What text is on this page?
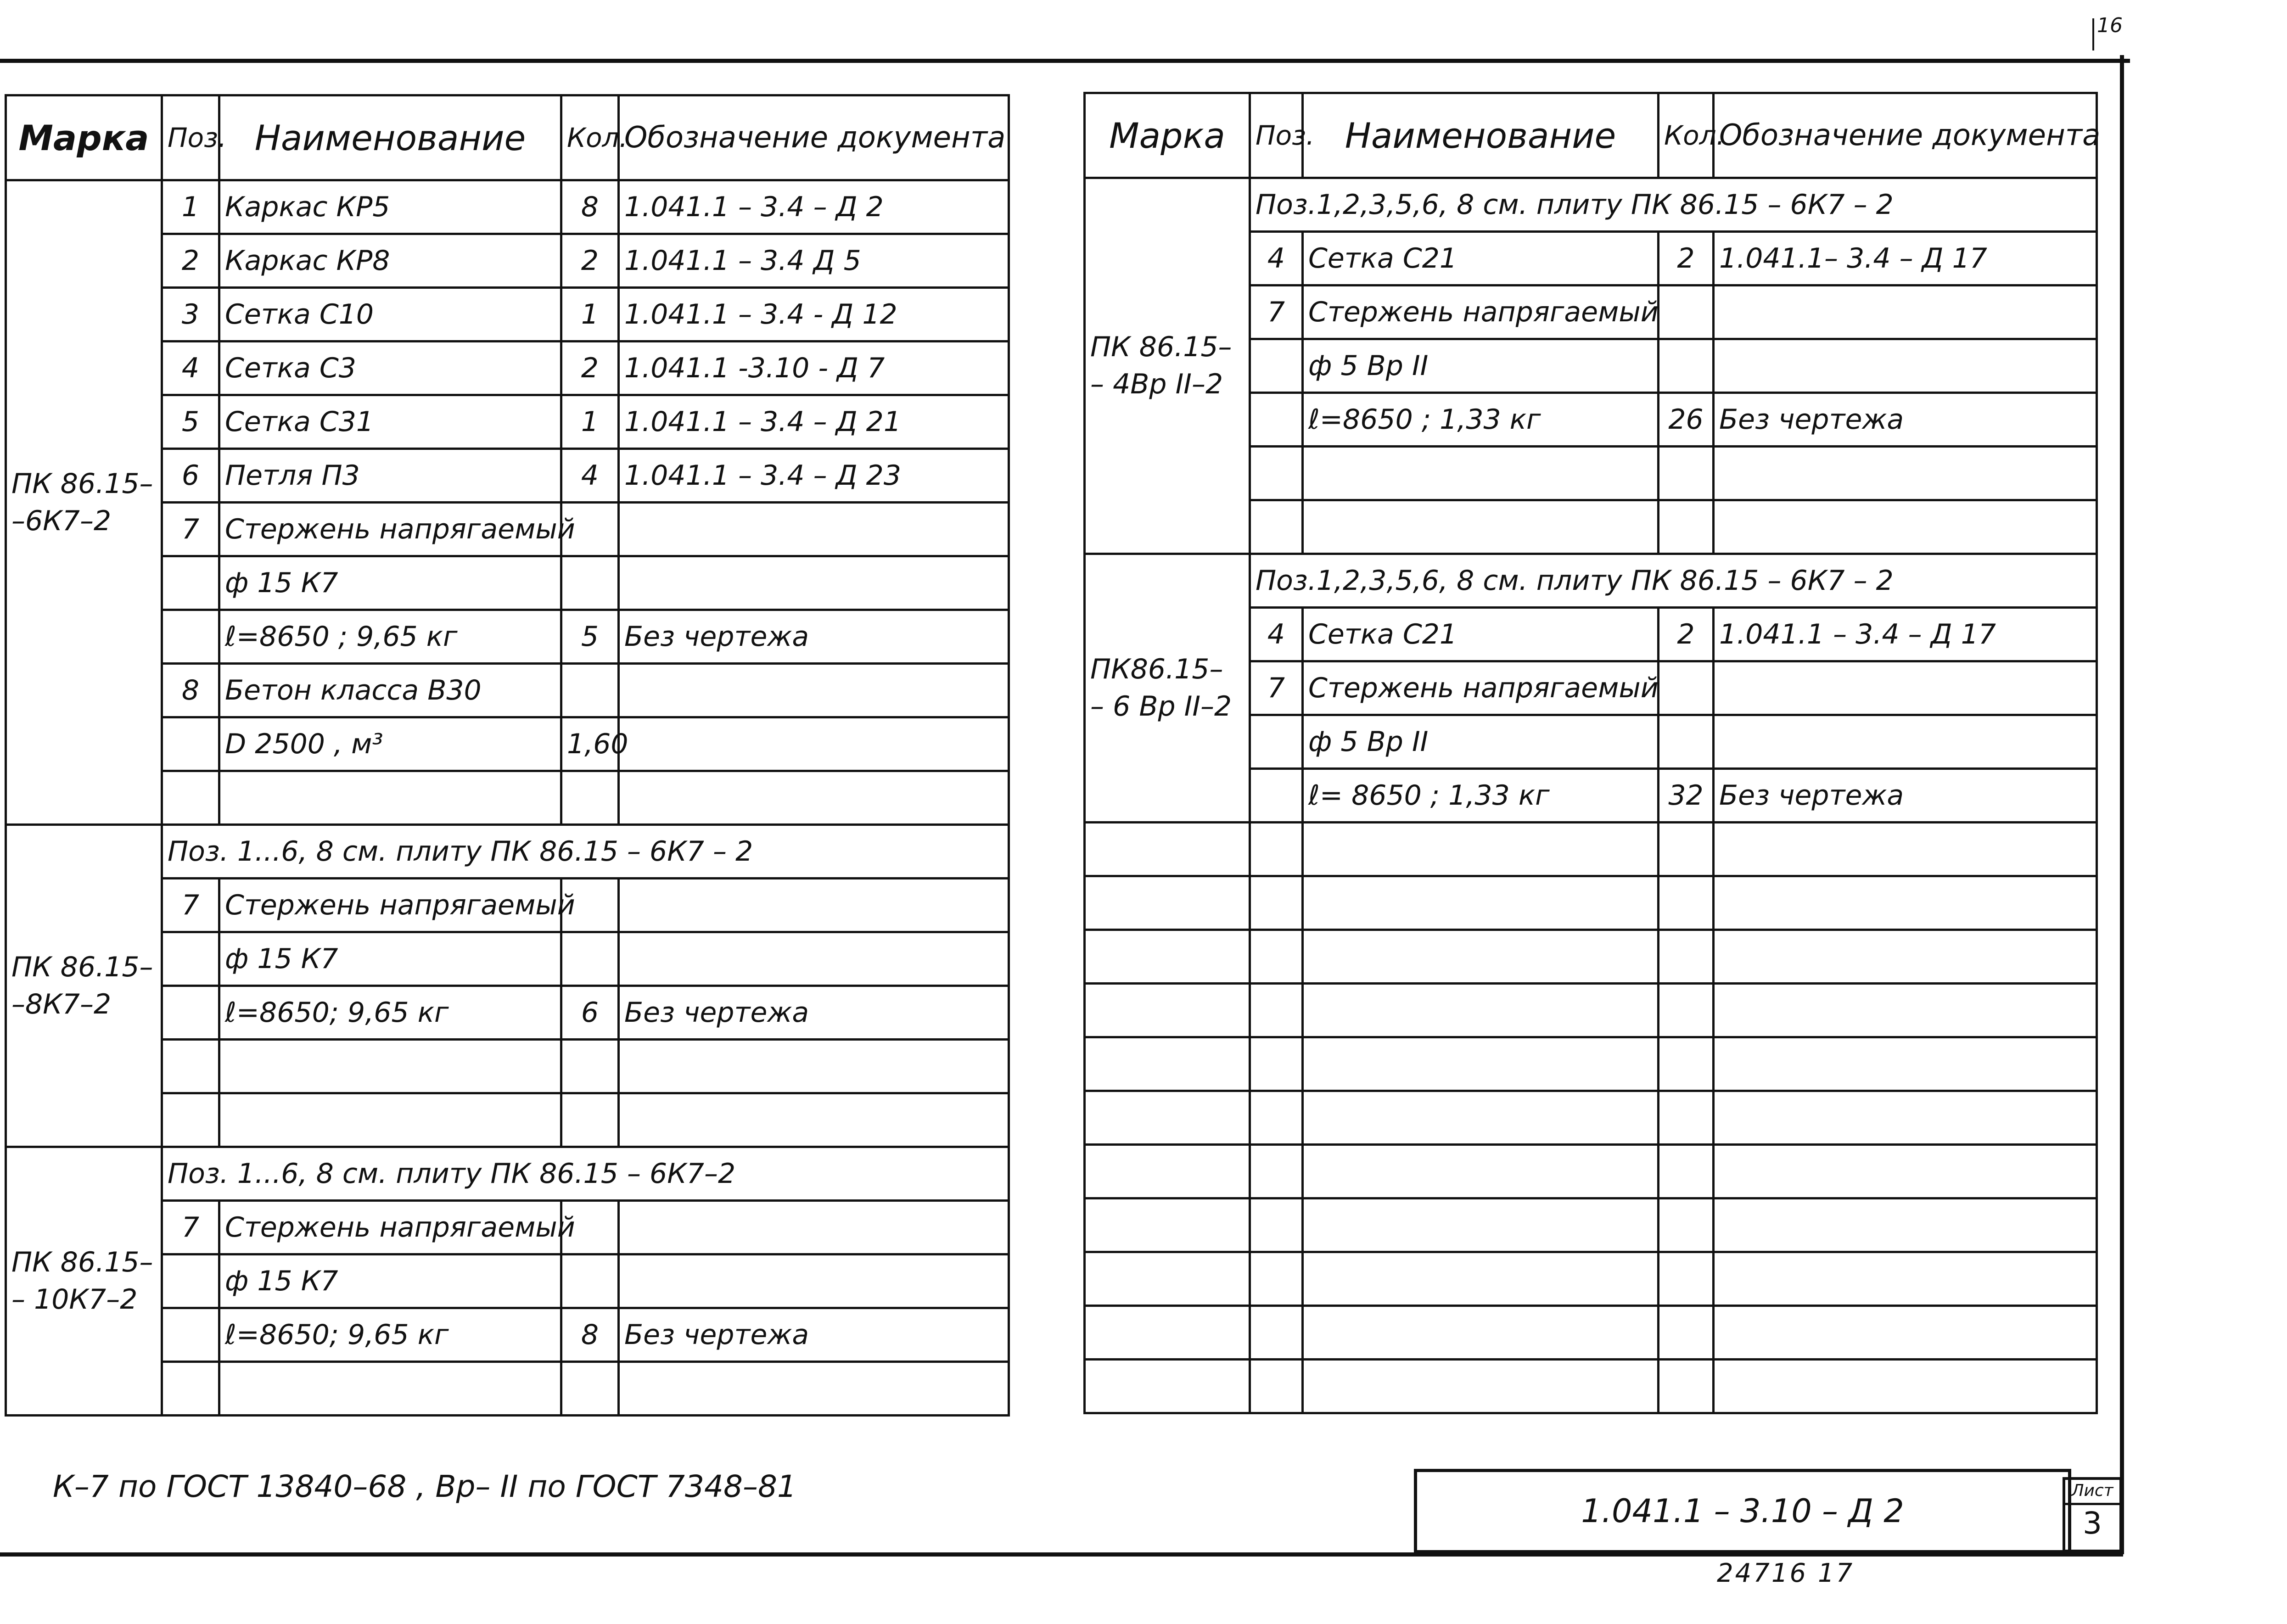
16
Марка	Поз.	Наименование	Кол.	Обозначение документа
ПК 86.15–
–6К7–2	1	Каркас КР5	8	1.041.1 – 3.4 – Д 2
	2	Каркас КР8	2	1.041.1 – 3.4 Д 5
	3	Сетка С10	1	1.041.1 – 3.4 - Д 12
	4	Сетка С3	2	1.041.1 -3.10 - Д 7
	5	Сетка С31	1	1.041.1 – 3.4 – Д 21
	6	Петля П3	4	1.041.1 – 3.4 – Д 23
	7	Стержень напрягаемый		
		ф 15 К7		
		ℓ=8650 ; 9,65 кг	5	Без чертежа
	8	Бетон класса В30		
		D 2500 , м³	1,60	

ПК 86.15–
–8К7–2	Поз. 1...6, 8 см. плиту ПК 86.15 – 6К7 – 2			
	7	Стержень напрягаемый		
		ф 15 К7		
		ℓ=8650; 9,65 кг	6	Без чертежа

ПК 86.15–
– 10К7–2	Поз. 1...6, 8 см. плиту ПК 86.15 – 6К7–2			
	7	Стержень напрягаемый		
		ф 15 К7		
		ℓ=8650; 9,65 кг	8	Без чертежа

Марка	Поз.	Наименование	Кол.	Обозначение документа
ПК 86.15–
– 4Вр II–2	Поз.1,2,3,5,6, 8 см. плиту ПК 86.15 – 6К7 – 2			
	4	Сетка С21	2	1.041.1– 3.4 – Д 17
	7	Стержень напрягаемый		
		ф 5 Вр II		
		ℓ=8650 ; 1,33 кг	26	Без чертежа

ПК86.15–
– 6 Вр II–2	Поз.1,2,3,5,6, 8 см. плиту ПК 86.15 – 6К7 – 2			
	4	Сетка С21	2	1.041.1 – 3.4 – Д 17
	7	Стержень напрягаемый		
		ф 5 Вр II		
		ℓ= 8650 ; 1,33 кг	32	Без чертежа

К–7 по ГОСТ 13840–68 , Вр– II по ГОСТ 7348–81
1.041.1 – 3.10 – Д 2
Лист
3
24716 17
